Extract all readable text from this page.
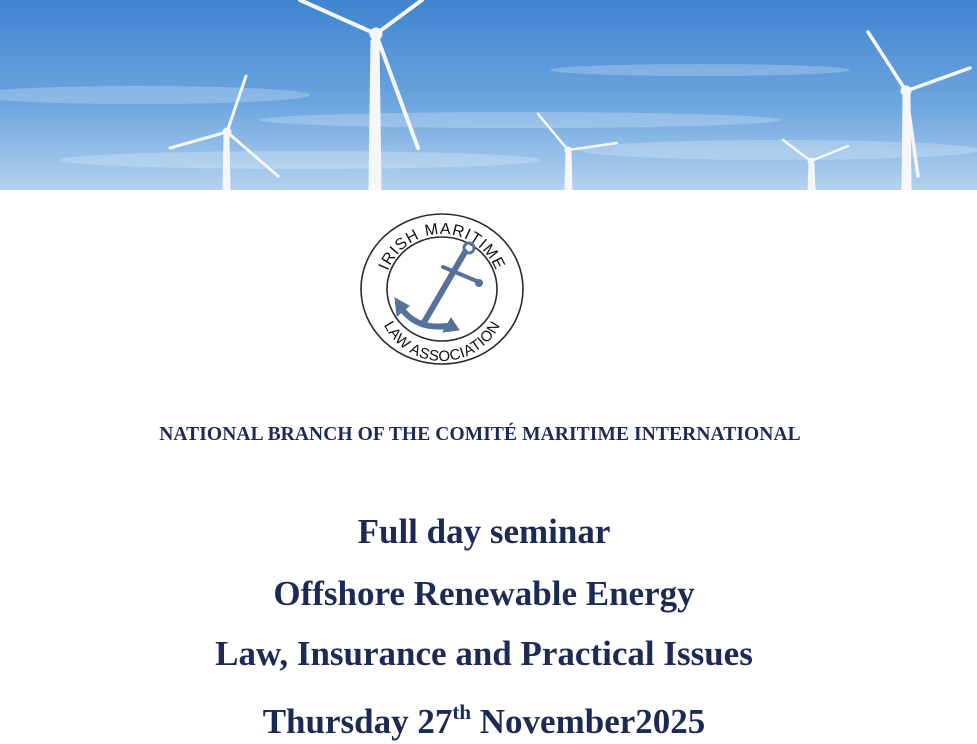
IRISH MARITIME
LAW ASSOCIATION
NATIONAL BRANCH OF THE COMITÉ MARITIME INTERNATIONAL
Full day seminar
Offshore Renewable Energy
Law, Insurance and Practical Issues
Thursday 27th November2025
